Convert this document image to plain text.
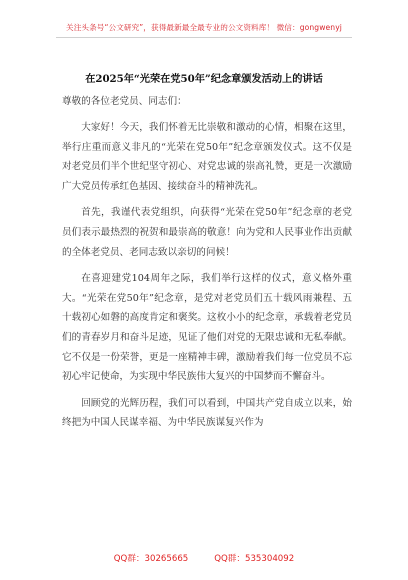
关注头条号“公文研究”，获得最新最全最专业的公文资料库！ 微信：gongwenyj
在2025年“光荣在党50年”纪念章颁发活动上的讲话
尊敬的各位老党员、同志们：

大家好！今天，我们怀着无比崇敬和激动的心情，相聚在这里，举行庄重而意义非凡的“光荣在党50年”纪念章颁发仪式。这不仅是对老党员们半个世纪坚守初心、对党忠诚的崇高礼赞，更是一次激励广大党员传承红色基因、接续奋斗的精神洗礼。

首先，我谨代表党组织，向获得“光荣在党50年”纪念章的老党员们表示最热烈的祝贺和最崇高的敬意！向为党和人民事业作出贡献的全体老党员、老同志致以亲切的问候！

在喜迎建党104周年之际，我们举行这样的仪式，意义格外重大。“光荣在党50年”纪念章，是党对老党员们五十载风雨兼程、五十载初心如磐的高度肯定和褒奖。这枚小小的纪念章，承载着老党员们的青春岁月和奋斗足迹，见证了他们对党的无限忠诚和无私奉献。它不仅是一份荣誉，更是一座精神丰碑，激励着我们每一位党员不忘初心牢记使命，为实现中华民族伟大复兴的中国梦而不懈奋斗。

回顾党的光辉历程，我们可以看到，中国共产党自成立以来，始终把为中国人民谋幸福、为中华民族谋复兴作为

QQ群：30265665	QQ群：535304092
